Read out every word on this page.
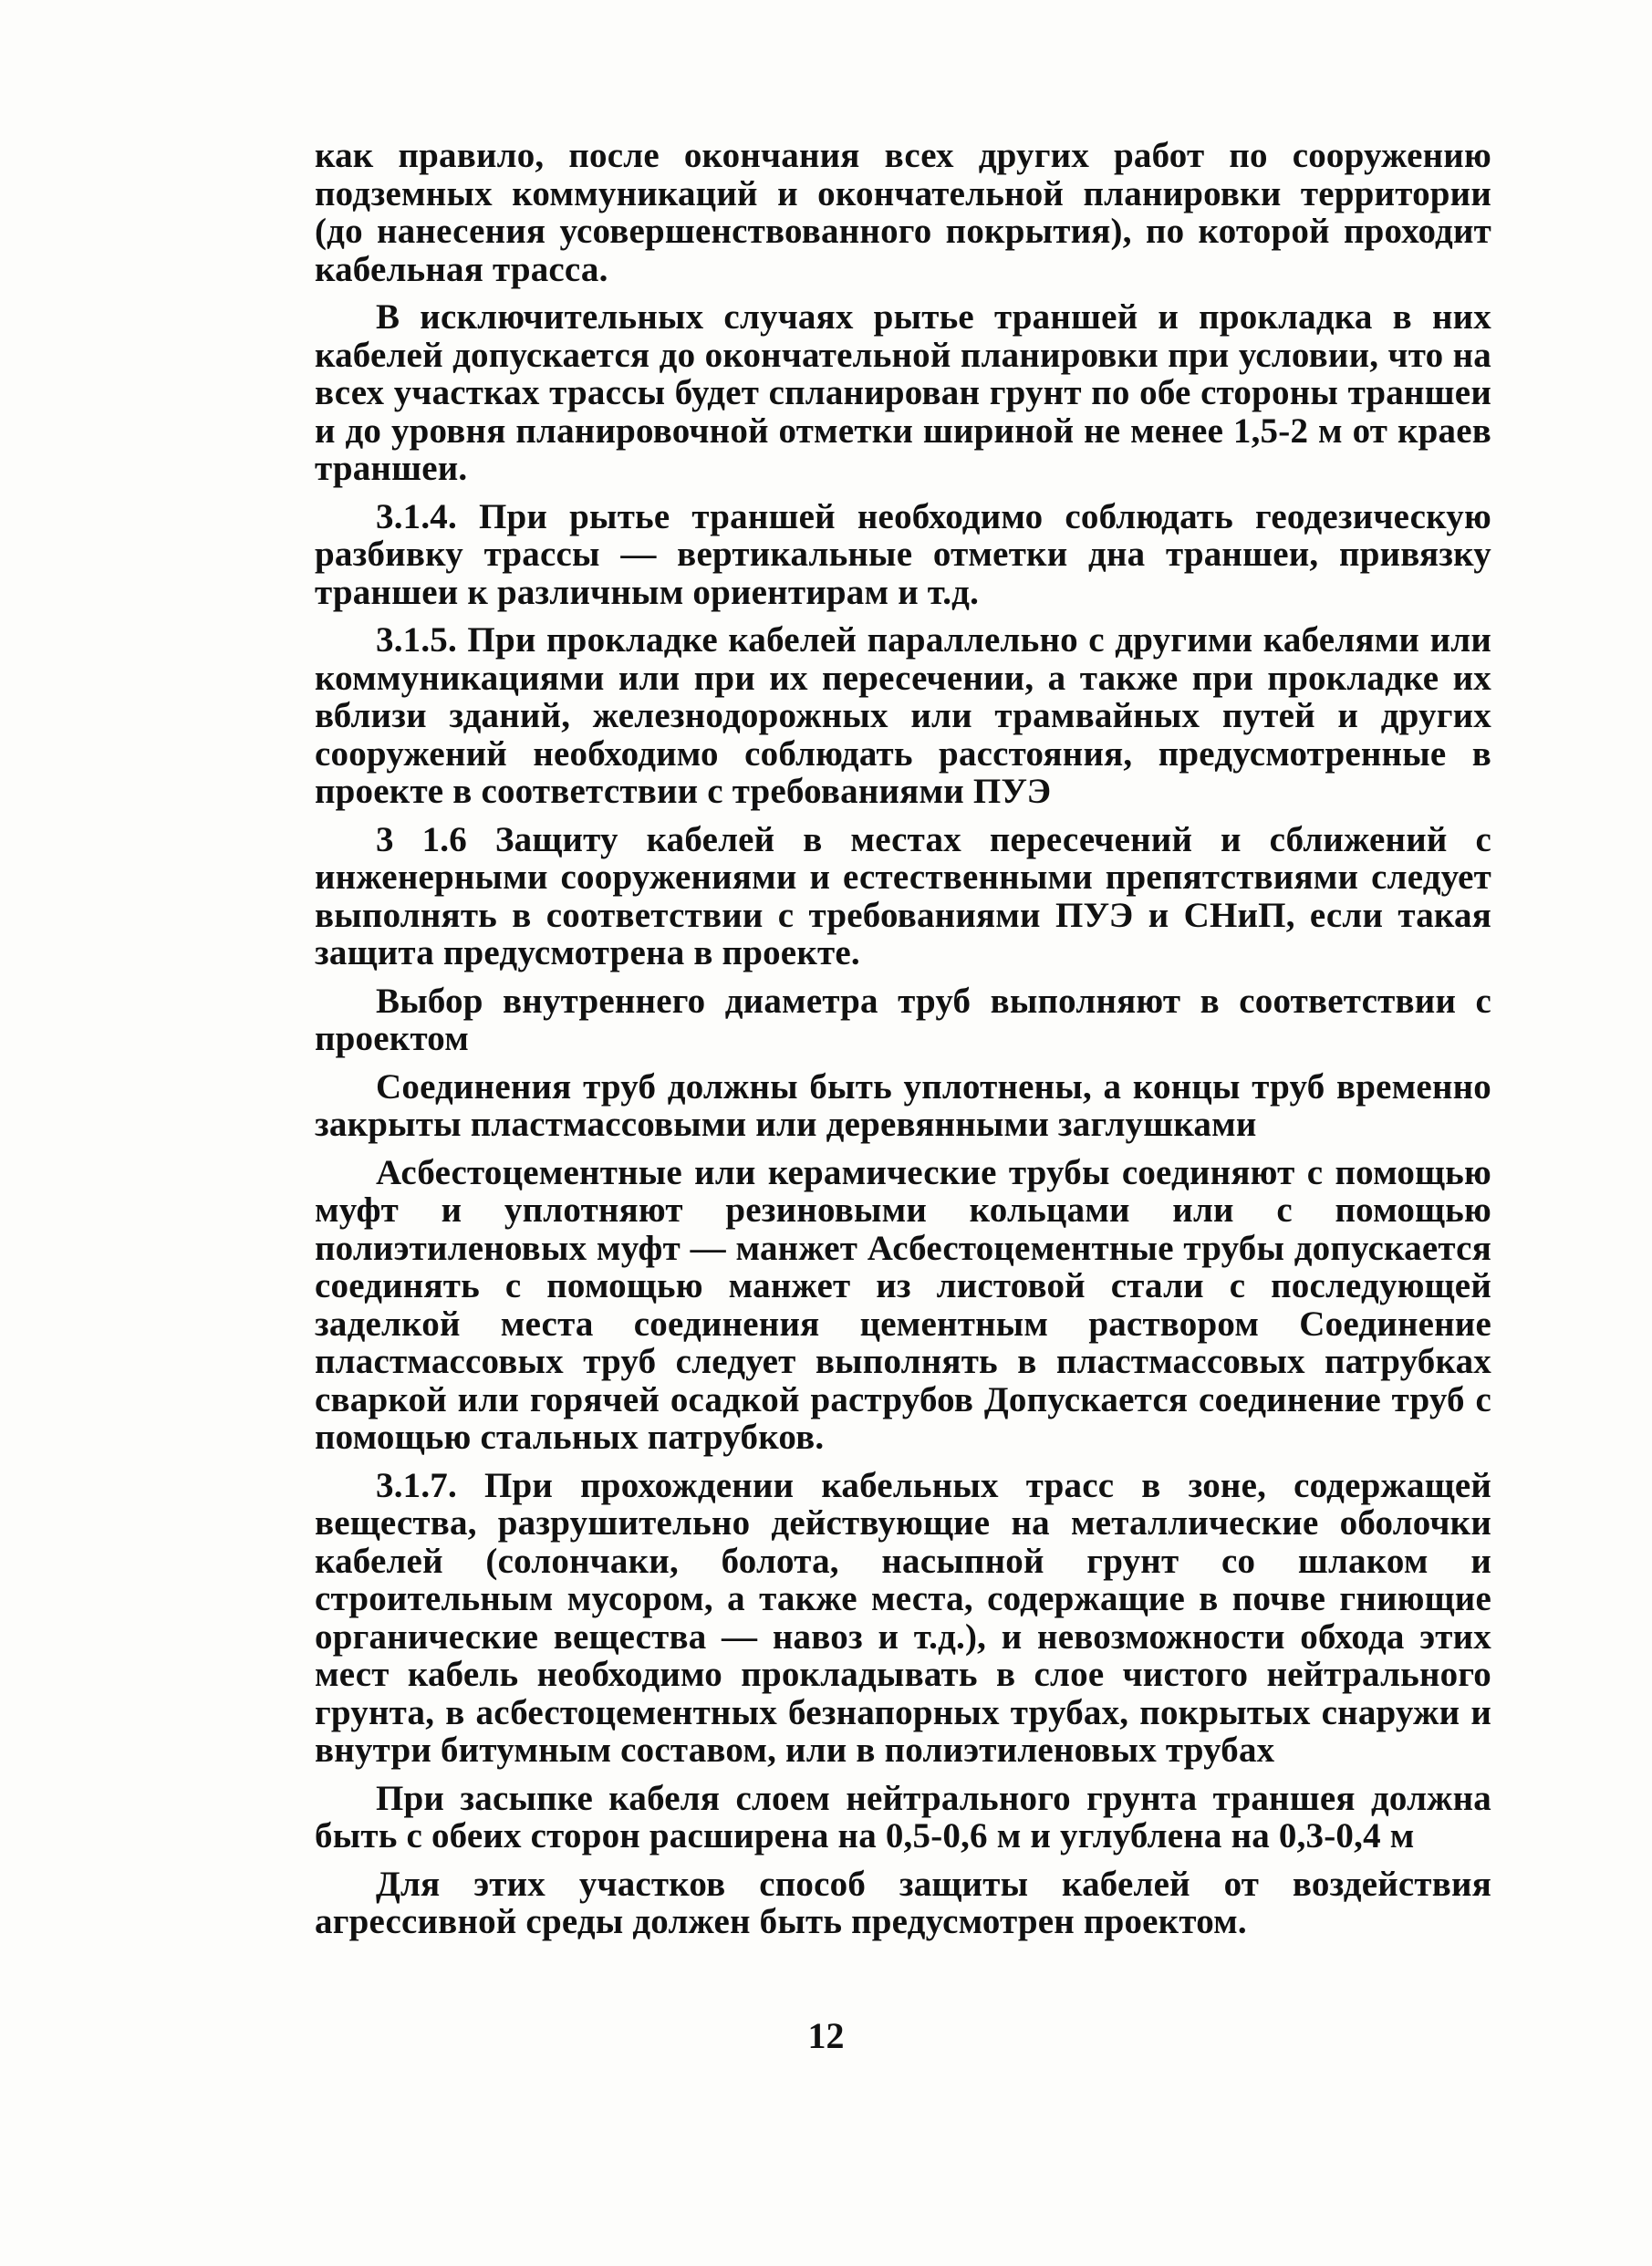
как правило, после окончания всех других работ по сооружению подземных коммуникаций и окончательной планировки территории (до нанесения усовершенствованного покрытия), по которой проходит кабельная трасса.

В исключительных случаях рытье траншей и прокладка в них кабелей допускается до окончательной планировки при условии, что на всех участках трассы будет спланирован грунт по обе стороны траншеи и до уровня планировочной отметки шириной не менее 1,5-2 м от краев траншеи.

3.1.4. При рытье траншей необходимо соблюдать геодезическую разбивку трассы — вертикальные отметки дна траншеи, привязку траншеи к различным ориентирам и т.д.

3.1.5. При прокладке кабелей параллельно с другими кабелями или коммуникациями или при их пересечении, а также при прокладке их вблизи зданий, железнодорожных или трамвайных путей и других сооружений необходимо соблюдать расстояния, предусмотренные в проекте в соответствии с требованиями ПУЭ

3 1.6 Защиту кабелей в местах пересечений и сближений с инженерными сооружениями и естественными препятствиями следует выполнять в соответствии с требованиями ПУЭ и СНиП, если такая защита предусмотрена в проекте.

Выбор внутреннего диаметра труб выполняют в соответствии с проектом

Соединения труб должны быть уплотнены, а концы труб временно закрыты пластмассовыми или деревянными заглушками

Асбестоцементные или керамические трубы соединяют с помощью муфт и уплотняют резиновыми кольцами или с помощью полиэтиленовых муфт — манжет Асбестоцементные трубы допускается соединять с помощью манжет из листовой стали с последующей заделкой места соединения цементным раствором Соединение пластмассовых труб следует выполнять в пластмассовых патрубках сваркой или горячей осадкой раструбов Допускается соединение труб с помощью стальных патрубков.

3.1.7. При прохождении кабельных трасс в зоне, содержащей вещества, разрушительно действующие на металлические оболочки кабелей (солончаки, болота, насыпной грунт со шлаком и строительным мусором, а также места, содержащие в почве гниющие органические вещества — навоз и т.д.), и невозможности обхода этих мест кабель необходимо прокладывать в слое чистого нейтрального грунта, в асбестоцементных безнапорных трубах, покрытых снаружи и внутри битумным составом, или в полиэтиленовых трубах

При засыпке кабеля слоем нейтрального грунта траншея должна быть с обеих сторон расширена на 0,5-0,6 м и углублена на 0,3-0,4 м

Для этих участков способ защиты кабелей от воздействия агрессивной среды должен быть предусмотрен проектом.

12
